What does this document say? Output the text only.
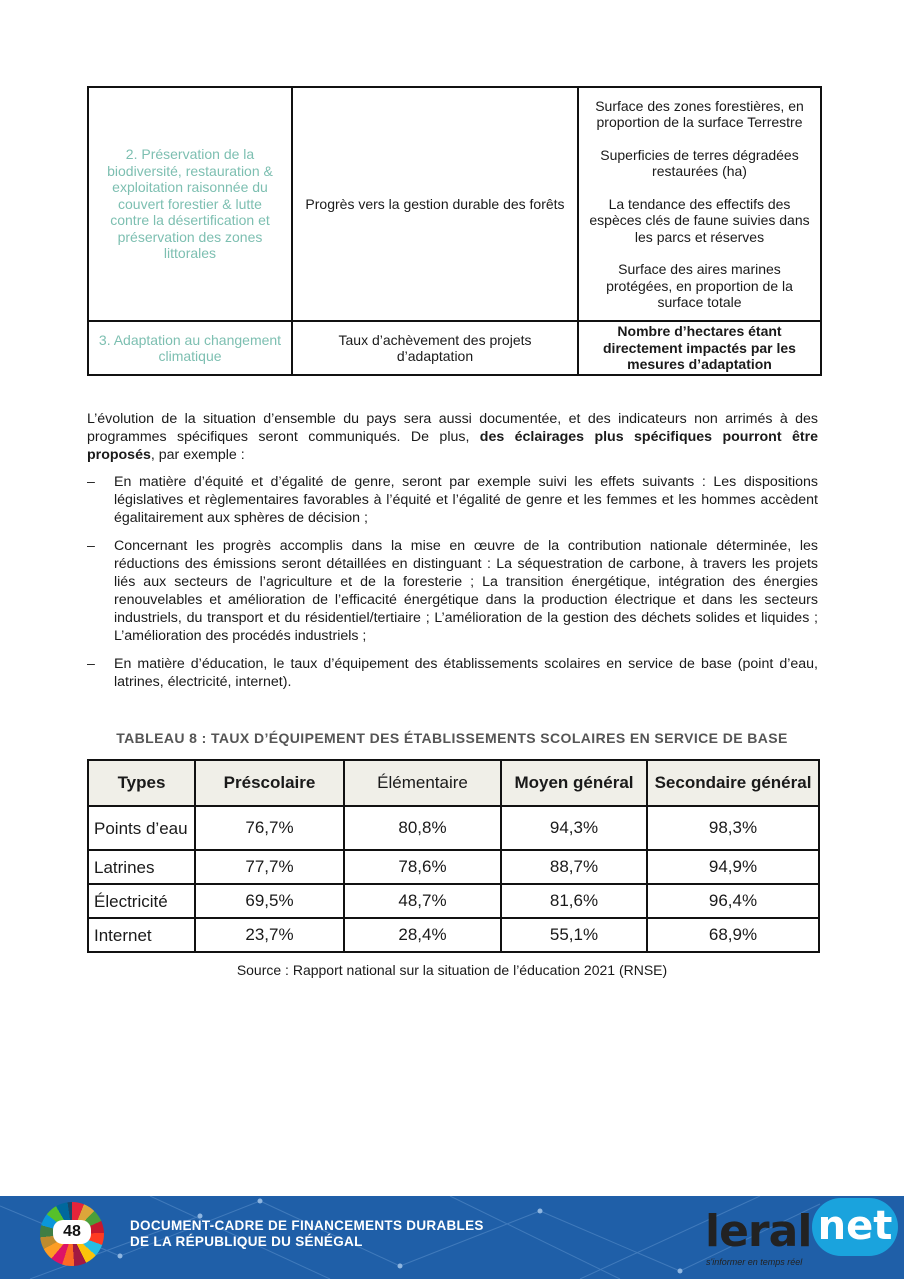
2. Préservation de la biodiversité, restauration & exploitation raisonnée du couvert forestier & lutte contre la désertification et préservation des zones littorales	Progrès vers la gestion durable des forêts	Surface des zones forestières, en proportion de la surface Terrestre

Superficies de terres dégradées restaurées (ha)

La tendance des effectifs des espèces clés de faune suivies dans les parcs et réserves

Surface des aires marines protégées, en proportion de la surface totale

3. Adaptation au changement climatique	Taux d’achèvement des projets d’adaptation	Nombre d’hectares étant directement impactés par les mesures d’adaptation
L’évolution de la situation d’ensemble du pays sera aussi documentée, et des indicateurs non arrimés à des programmes spécifiques seront communiqués. De plus, des éclairages plus spécifiques pourront être proposés, par exemple :
– En matière d’équité et d’égalité de genre, seront par exemple suivi les effets suivants : Les dispositions législatives et règlementaires favorables à l’équité et l’égalité de genre et les femmes et les hommes accèdent égalitairement aux sphères de décision ;
– Concernant les progrès accomplis dans la mise en œuvre de la contribution nationale déterminée, les réductions des émissions seront détaillées en distinguant : La séquestration de carbone, à travers les projets liés aux secteurs de l’agriculture et de la foresterie ; La transition énergétique, intégration des énergies renouvelables et amélioration de l’efficacité énergétique dans la production électrique et dans les secteurs industriels, du transport et du résidentiel/tertiaire ; L’amélioration de la gestion des déchets solides et liquides ; L’amélioration des procédés industriels ;
– En matière d’éducation, le taux d’équipement des établissements scolaires en service de base (point d’eau, latrines, électricité, internet).
TABLEAU 8 : TAUX D’ÉQUIPEMENT DES ÉTABLISSEMENTS SCOLAIRES EN SERVICE DE BASE
Types	Préscolaire	Élémentaire	Moyen général	Secondaire général
Points d’eau	76,7%	80,8%	94,3%	98,3%
Latrines	77,7%	78,6%	88,7%	94,9%
Électricité	69,5%	48,7%	81,6%	96,4%
Internet	23,7%	28,4%	55,1%	68,9%
Source : Rapport national sur la situation de l’éducation 2021 (RNSE)
48	DOCUMENT-CADRE DE FINANCEMENTS DURABLES
DE LA RÉPUBLIQUE DU SÉNÉGAL	leral net
s'informer en temps réel
